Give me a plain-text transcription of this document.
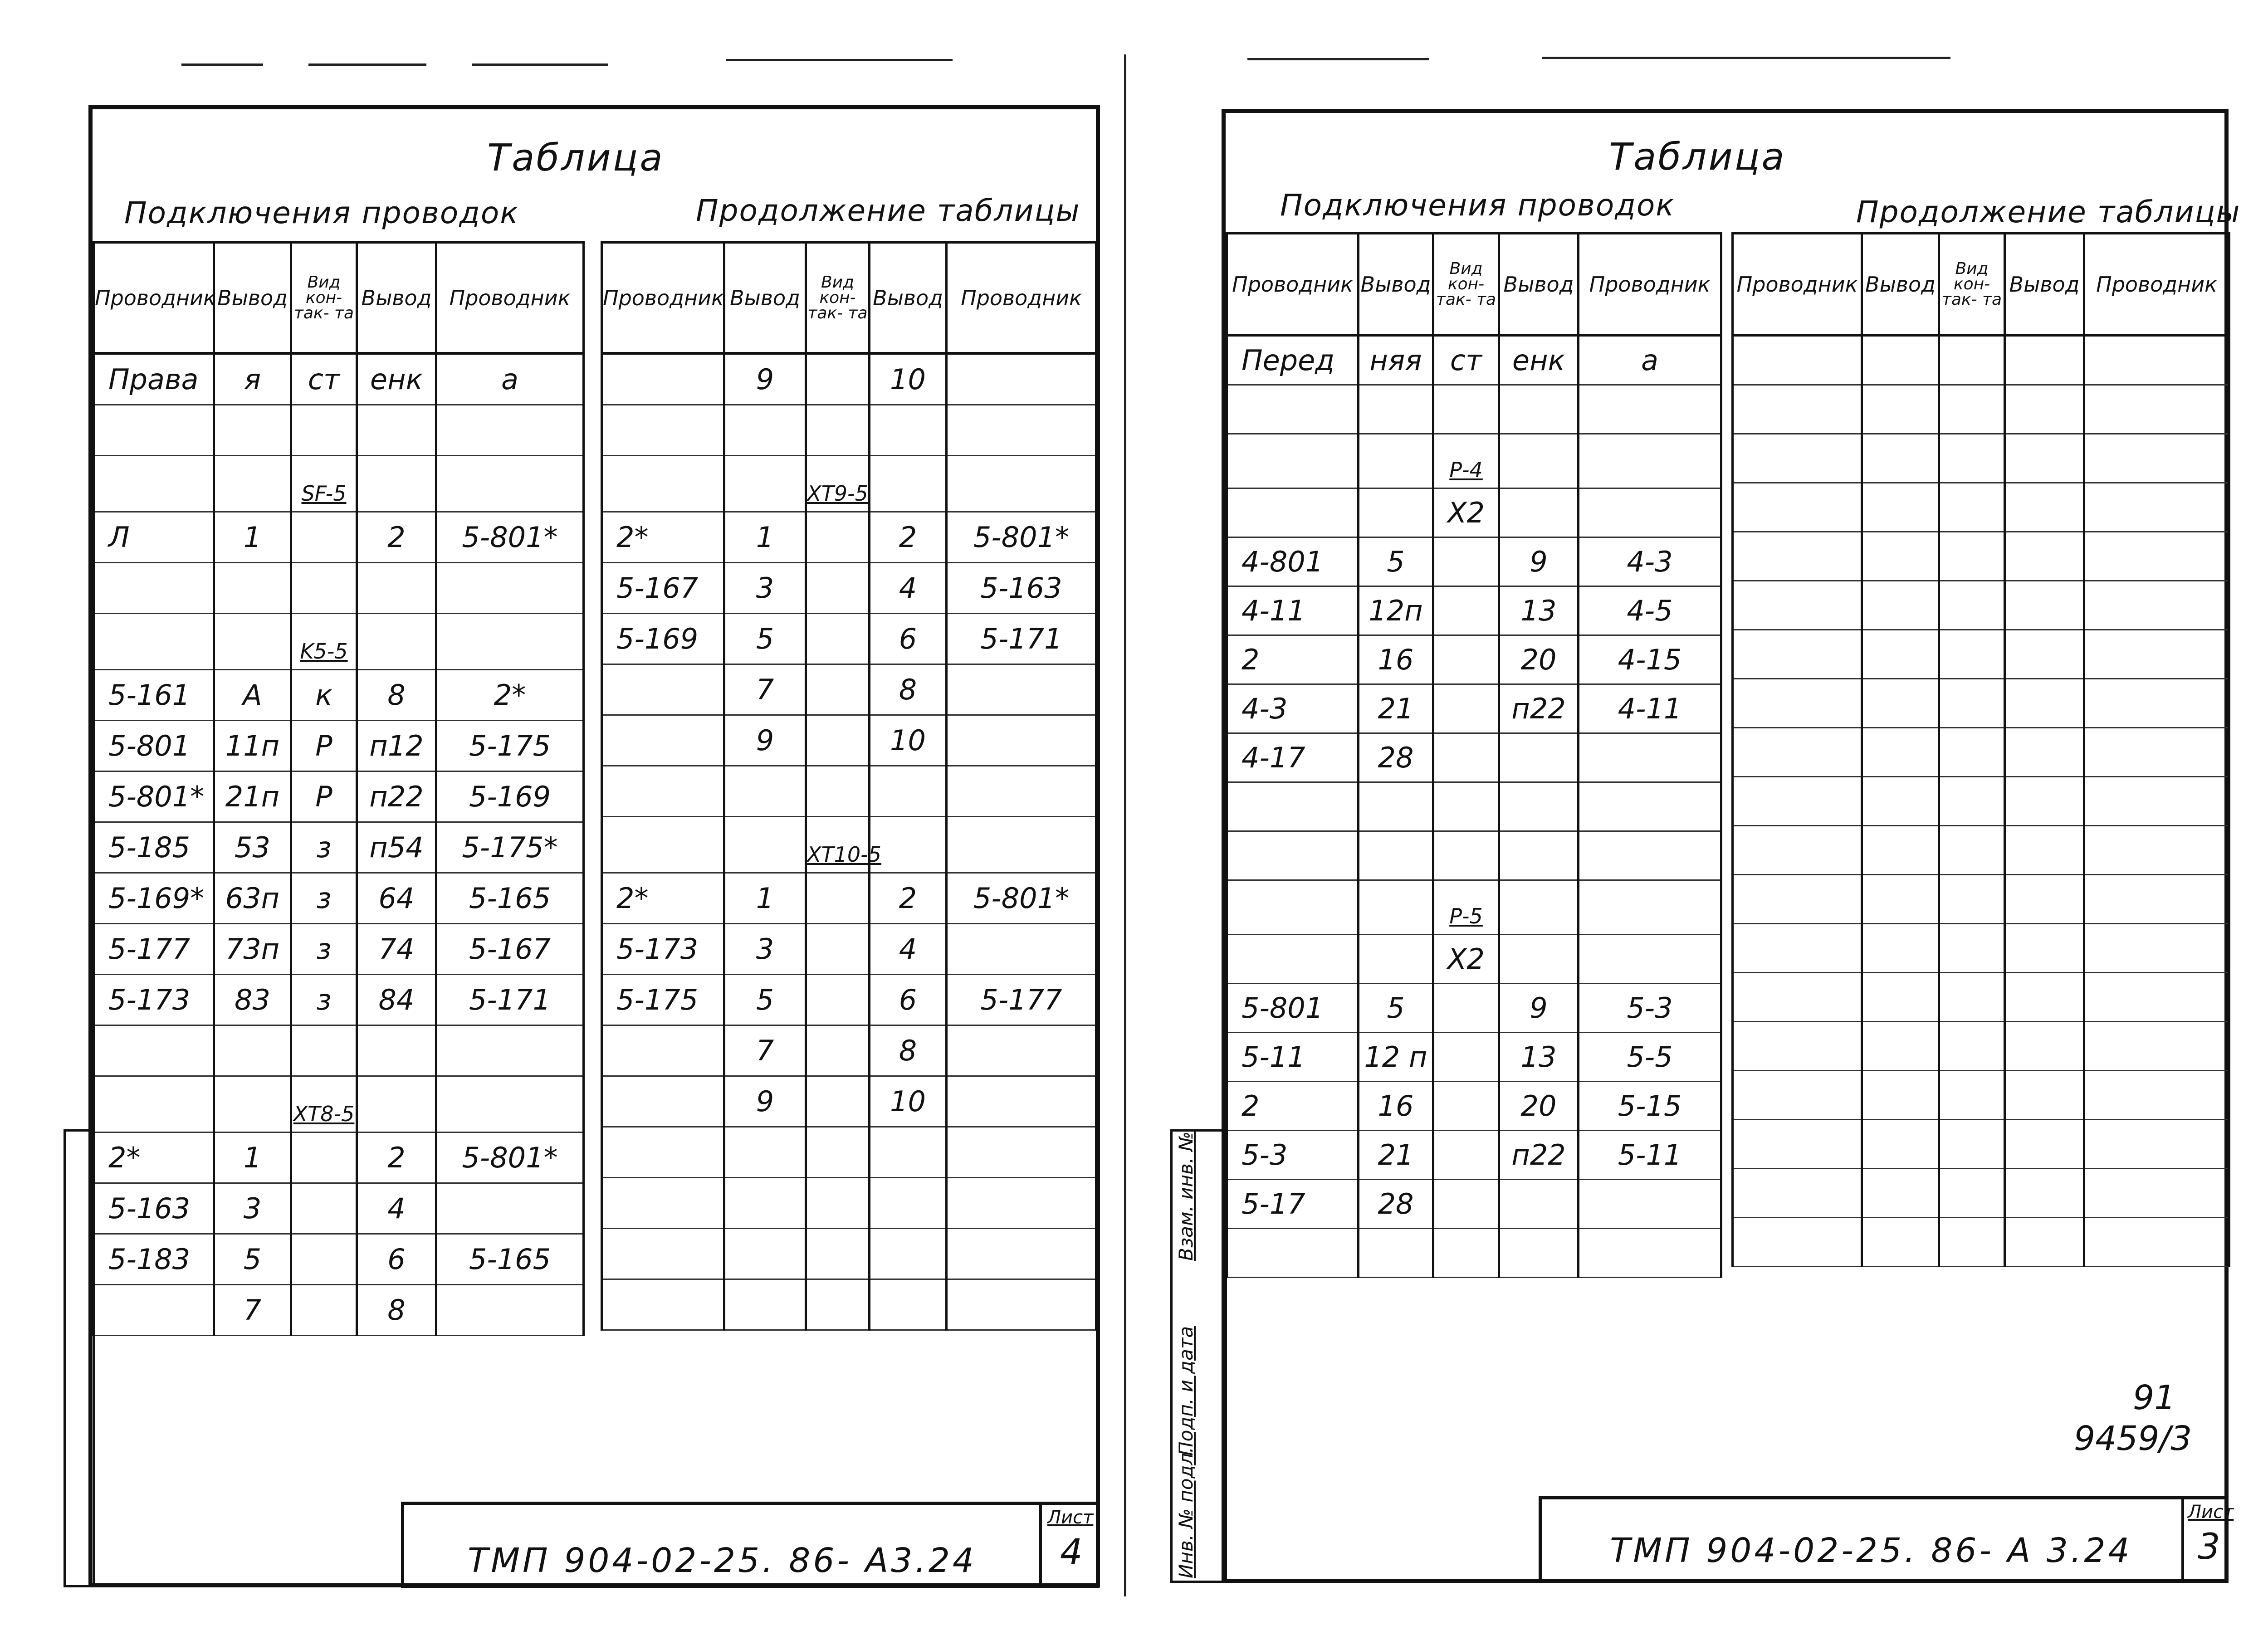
Таблица
Подключения проводок	Продолжение таблицы
Проводник	Вывод	Вид кон- так- та	Вывод	Проводник
Права	я	ст	енк	а

		SF-5		
Л	1		2	5-801*

		K5-5		
5-161	А	к	8	2*
5-801	11п	Р	п12	5-175
5-801*	21п	Р	п22	5-169
5-185	53	з	п54	5-175*
5-169*	63п	з	64	5-165
5-177	73п	з	74	5-167
5-173	83	з	84	5-171

		ХТ8-5		
2*	1		2	5-801*
5-163	3		4	
5-183	5		6	5-165
	7		8	
Проводник	Вывод	Вид кон- так- та	Вывод	Проводник
	9		10	

		ХТ9-5		
2*	1		2	5-801*
5-167	3		4	5-163
5-169	5		6	5-171
	7		8	
	9		10	

		ХТ10-5		
2*	1		2	5-801*
5-173	3		4	
5-175	5		6	5-177
	7		8	
	9		10	

ТМП 904-02-25. 86- А3.24
Лист
4
Таблица
Подключения проводок	Продолжение таблицы
Проводник	Вывод	Вид кон- так- та	Вывод	Проводник
Перед	няя	ст	енк	а

		Р-4		
		Х2		
4-801	5		9	4-3
4-11	12п		13	4-5
2	16		20	4-15
4-3	21		п22	4-11
4-17	28			

		Р-5		
		Х2		
5-801	5		9	5-3
5-11	12 п		13	5-5
2	16		20	5-15
5-3	21		п22	5-11
5-17	28			

Проводник	Вывод	Вид кон- так- та	Вывод	Проводник

91
9459/3
ТМП 904-02-25. 86- А 3.24
Лист
3
Инв. № подл.
Подп. и дата
Взам. инв. №
